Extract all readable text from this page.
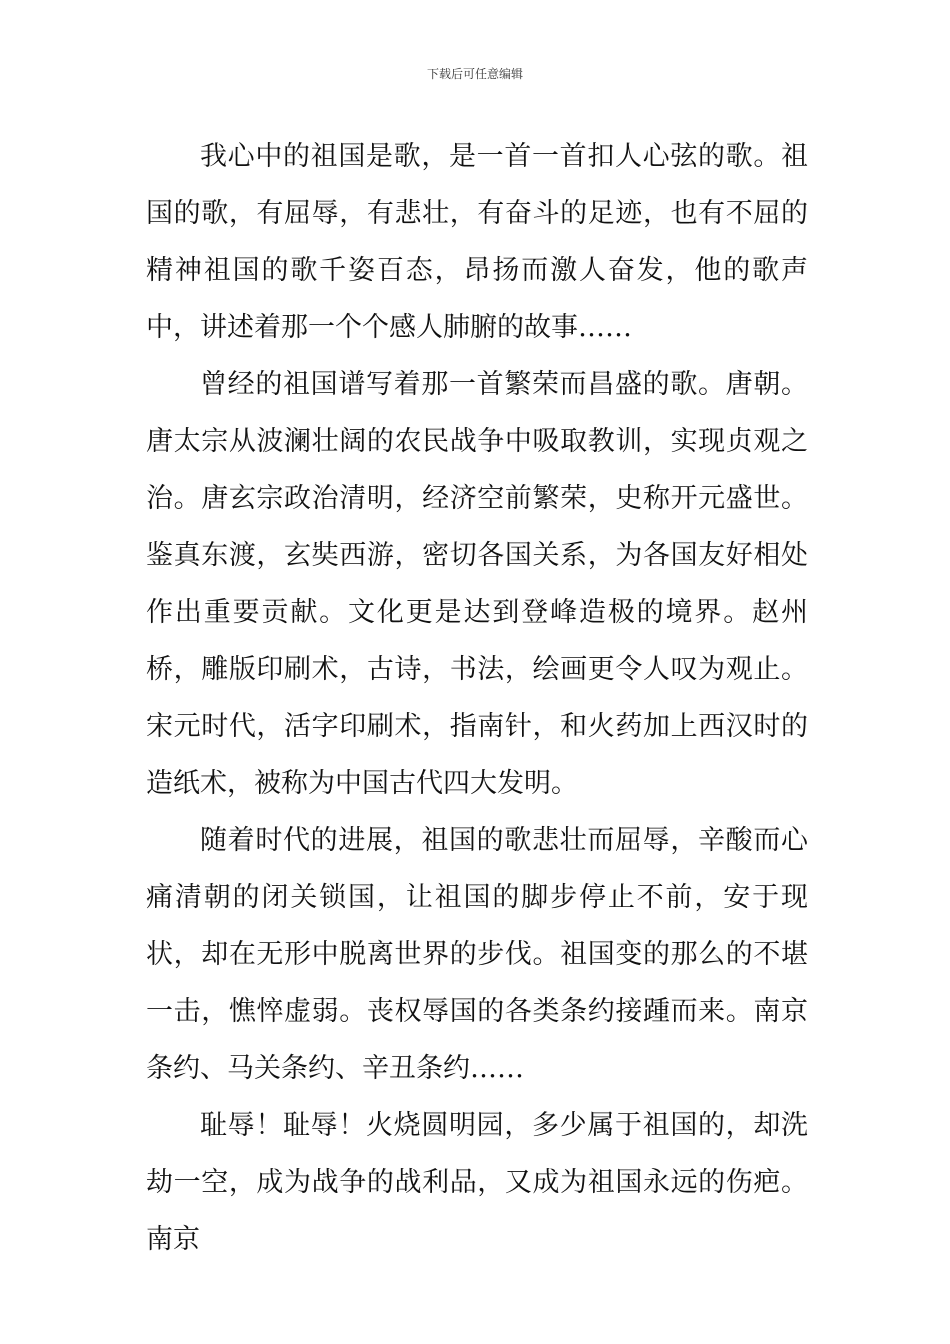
下载后可任意编辑

我心中的祖国是歌，是一首一首扣人心弦的歌。祖国的歌，有屈辱，有悲壮，有奋斗的足迹，也有不屈的精神祖国的歌千姿百态，昂扬而激人奋发，他的歌声中，讲述着那一个个感人肺腑的故事……

曾经的祖国谱写着那一首繁荣而昌盛的歌。唐朝。唐太宗从波澜壮阔的农民战争中吸取教训，实现贞观之治。唐玄宗政治清明，经济空前繁荣，史称开元盛世。鉴真东渡，玄奘西游，密切各国关系，为各国友好相处作出重要贡献。文化更是达到登峰造极的境界。赵州桥，雕版印刷术，古诗，书法，绘画更令人叹为观止。宋元时代，活字印刷术，指南针，和火药加上西汉时的造纸术，被称为中国古代四大发明。

随着时代的进展，祖国的歌悲壮而屈辱，辛酸而心痛清朝的闭关锁国，让祖国的脚步停止不前，安于现状，却在无形中脱离世界的步伐。祖国变的那么的不堪一击，憔悴虚弱。丧权辱国的各类条约接踵而来。南京条约、马关条约、辛丑条约……

耻辱！耻辱！火烧圆明园，多少属于祖国的，却洗劫一空，成为战争的战利品，又成为祖国永远的伤疤。南京
